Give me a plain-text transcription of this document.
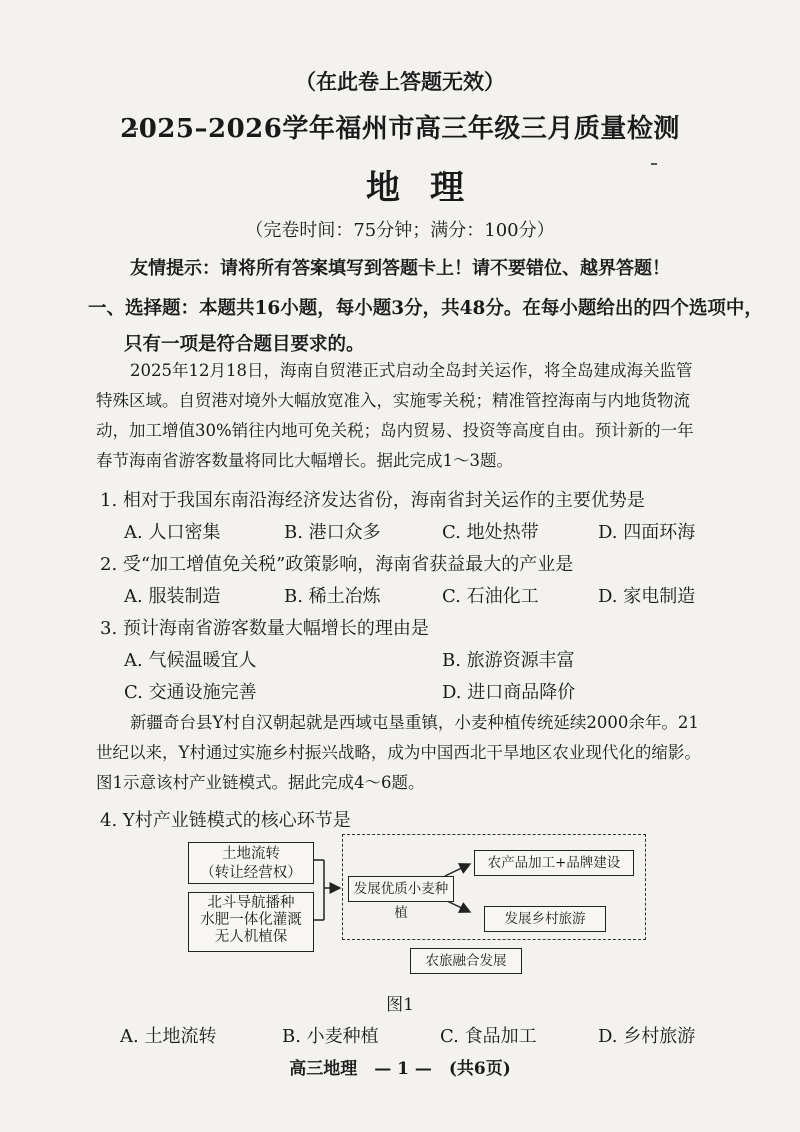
（在此卷上答题无效）
2025–2026学年福州市高三年级三月质量检测
地理
（完卷时间：75分钟；满分：100分）
友情提示：请将所有答案填写到答题卡上！请不要错位、越界答题！
一、选择题：本题共16小题，每小题3分，共48分。在每小题给出的四个选项中，
只有一项是符合题目要求的。
2025年12月18日，海南自贸港正式启动全岛封关运作，将全岛建成海关监管
特殊区域。自贸港对境外大幅放宽准入，实施零关税；精准管控海南与内地货物流
动，加工增值30%销往内地可免关税；岛内贸易、投资等高度自由。预计新的一年
春节海南省游客数量将同比大幅增长。据此完成1～3题。
1. 相对于我国东南沿海经济发达省份，海南省封关运作的主要优势是
A. 人口密集	B. 港口众多	C. 地处热带	D. 四面环海
2. 受“加工增值免关税”政策影响，海南省获益最大的产业是
A. 服装制造	B. 稀土冶炼	C. 石油化工	D. 家电制造
3. 预计海南省游客数量大幅增长的理由是
A. 气候温暖宜人	B. 旅游资源丰富
C. 交通设施完善	D. 进口商品降价
新疆奇台县Y村自汉朝起就是西域屯垦重镇，小麦种植传统延续2000余年。21
世纪以来，Y村通过实施乡村振兴战略，成为中国西北干旱地区农业现代化的缩影。
图1示意该村产业链模式。据此完成4～6题。
4. Y村产业链模式的核心环节是
土地流转
（转让经营权）
北斗导航播种
水肥一体化灌溉
无人机植保
发展优质小麦种植
农产品加工+品牌建设
发展乡村旅游
农旅融合发展
图1
A. 土地流转	B. 小麦种植	C. 食品加工	D. 乡村旅游
高三地理　— 1 —　(共6页)
